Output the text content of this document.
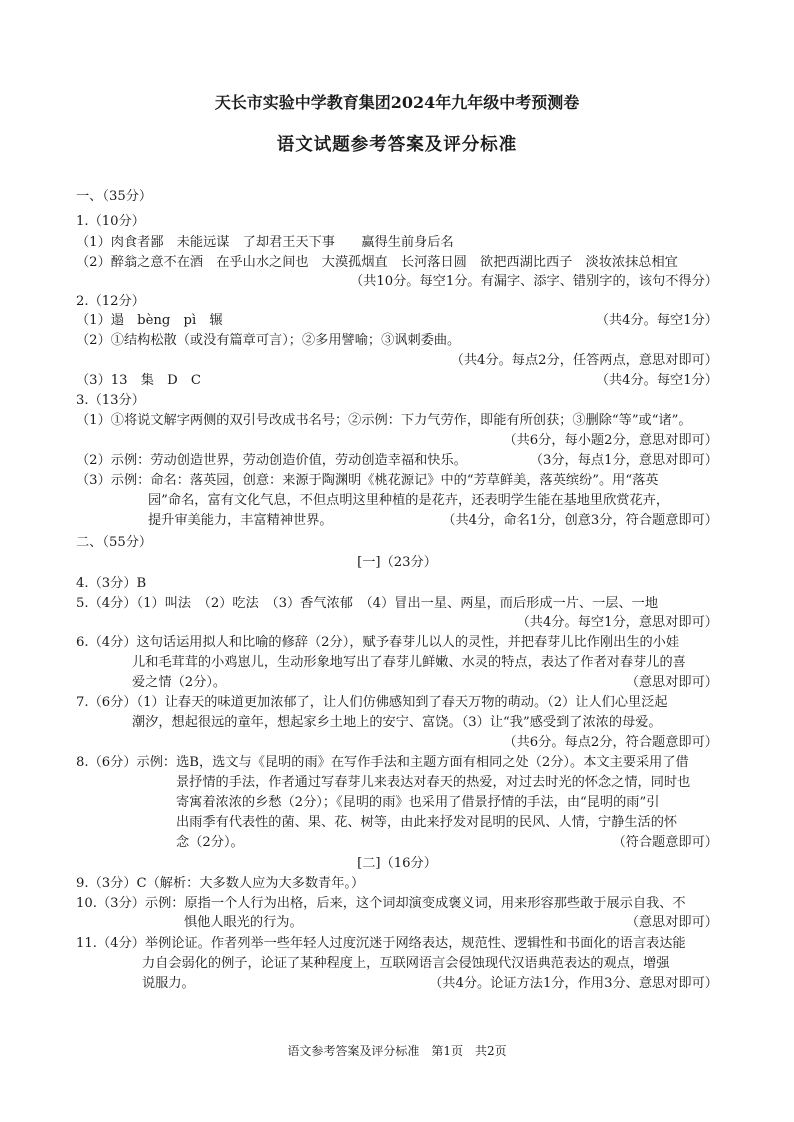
天长市实验中学教育集团2024年九年级中考预测卷
语文试题参考答案及评分标准
一、（35分）
1.（10分）
（1）肉食者鄙　未能远谋　了却君王天下事　　赢得生前身后名
（2）醉翁之意不在酒　在乎山水之间也　大漠孤烟直　长河落日圆　欲把西湖比西子　淡妆浓抹总相宜
（共10分。每空1分。有漏字、添字、错别字的，该句不得分）
2.（12分）
（1）遢　bèng　pì　辗	（共4分。每空1分）
（2）①结构松散（或没有篇章可言）；②多用譬喻；③讽刺委曲。
（共4分。每点2分，任答两点，意思对即可）
（3）13　集　D　C	（共4分。每空1分）
3.（13分）
（1）①将说文解字两侧的双引号改成书名号；②示例：下力气劳作，即能有所创获；③删除“等”或“诸”。
（共6分，每小题2分，意思对即可）
（2）示例：劳动创造世界，劳动创造价值，劳动创造幸福和快乐。	（3分，每点1分，意思对即可）
（3）示例：命名：落英园，创意：来源于陶渊明《桃花源记》中的“芳草鲜美，落英缤纷”。用“落英
园”命名，富有文化气息，不但点明这里种植的是花卉，还表明学生能在基地里欣赏花卉，
提升审美能力，丰富精神世界。	（共4分，命名1分，创意3分，符合题意即可）
二、（55分）
[一]（23分）
4.（3分）B
5.（4分）（1）叫法　（2）吃法　（3）香气浓郁　（4）冒出一星、两星，而后形成一片、一层、一地
（共4分。每空1分，意思对即可）
6.（4分）这句话运用拟人和比喻的修辞（2分），赋予春芽儿以人的灵性，并把春芽儿比作刚出生的小娃
儿和毛茸茸的小鸡崽儿，生动形象地写出了春芽儿鲜嫩、水灵的特点，表达了作者对春芽儿的喜
爱之情（2分）。	（意思对即可）
7.（6分）（1）让春天的味道更加浓郁了，让人们仿佛感知到了春天万物的萌动。（2）让人们心里泛起
潮汐，想起很远的童年，想起家乡土地上的安宁、富饶。（3）让“我”感受到了浓浓的母爱。
（共6分。每点2分，符合题意即可）
8.（6分）示例：选B，选文与《昆明的雨》在写作手法和主题方面有相同之处（2分）。本文主要采用了借
景抒情的手法，作者通过写春芽儿来表达对春天的热爱，对过去时光的怀念之情，同时也
寄寓着浓浓的乡愁（2分）；《昆明的雨》也采用了借景抒情的手法，由“昆明的雨”引
出雨季有代表性的菌、果、花、树等，由此来抒发对昆明的民风、人情，宁静生活的怀
念（2分）。	（符合题意即可）
[二]（16分）
9.（3分）C（解析：大多数人应为大多数青年。）
10.（3分）示例：原指一个人行为出格，后来，这个词却演变成褒义词，用来形容那些敢于展示自我、不
惧他人眼光的行为。	（意思对即可）
11.（4分）举例论证。作者列举一些年轻人过度沉迷于网络表达，规范性、逻辑性和书面化的语言表达能
力自会弱化的例子，论证了某种程度上，互联网语言会侵蚀现代汉语典范表达的观点，增强
说服力。	（共4分。论证方法1分，作用3分、意思对即可）
语文参考答案及评分标准　第1页　共2页
